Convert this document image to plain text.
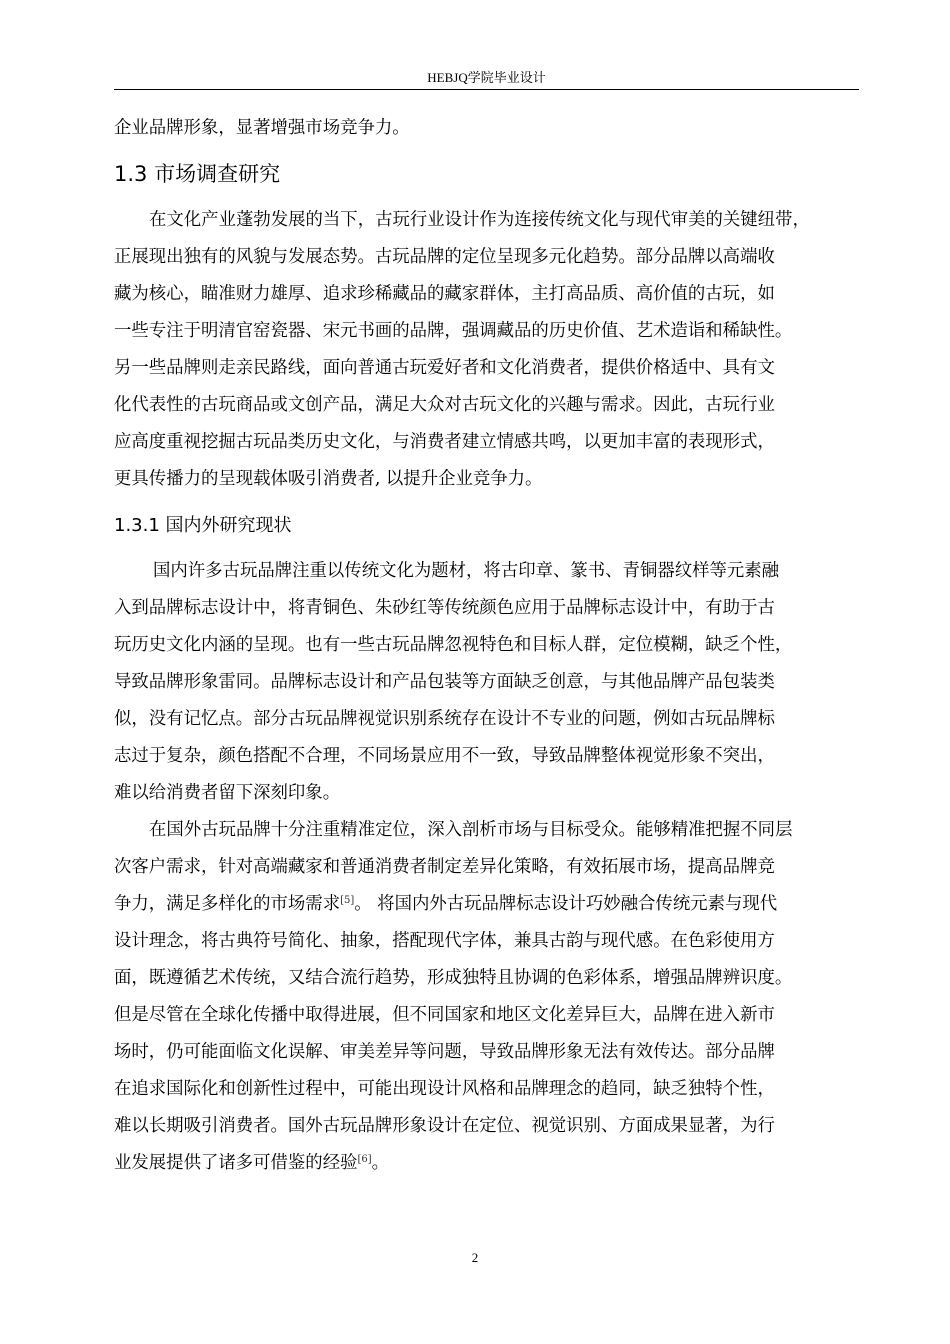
HEBJQ学院毕业设计

企业品牌形象，显著增强市场竞争力。

1.3 市场调查研究

在文化产业蓬勃发展的当下，古玩行业设计作为连接传统文化与现代审美的关键纽带，

正展现出独有的风貌与发展态势。古玩品牌的定位呈现多元化趋势。部分品牌以高端收

藏为核心，瞄准财力雄厚、追求珍稀藏品的藏家群体，主打高品质、高价值的古玩，如

一些专注于明清官窑瓷器、宋元书画的品牌，强调藏品的历史价值、艺术造诣和稀缺性。

另一些品牌则走亲民路线，面向普通古玩爱好者和文化消费者，提供价格适中、具有文

化代表性的古玩商品或文创产品，满足大众对古玩文化的兴趣与需求。因此，古玩行业

应高度重视挖掘古玩品类历史文化，与消费者建立情感共鸣，以更加丰富的表现形式，

更具传播力的呈现载体吸引消费者, 以提升企业竞争力。

1.3.1 国内外研究现状

国内许多古玩品牌注重以传统文化为题材，将古印章、篆书、青铜器纹样等元素融

入到品牌标志设计中，将青铜色、朱砂红等传统颜色应用于品牌标志设计中，有助于古

玩历史文化内涵的呈现。也有一些古玩品牌忽视特色和目标人群，定位模糊，缺乏个性，

导致品牌形象雷同。品牌标志设计和产品包装等方面缺乏创意，与其他品牌产品包装类

似，没有记忆点。部分古玩品牌视觉识别系统存在设计不专业的问题，例如古玩品牌标

志过于复杂，颜色搭配不合理，不同场景应用不一致，导致品牌整体视觉形象不突出，

难以给消费者留下深刻印象。

在国外古玩品牌十分注重精准定位，深入剖析市场与目标受众。能够精准把握不同层

次客户需求，针对高端藏家和普通消费者制定差异化策略，有效拓展市场，提高品牌竞

争力，满足多样化的市场需求[5]。 将国内外古玩品牌标志设计巧妙融合传统元素与现代

设计理念，将古典符号简化、抽象，搭配现代字体，兼具古韵与现代感。在色彩使用方

面，既遵循艺术传统，又结合流行趋势，形成独特且协调的色彩体系，增强品牌辨识度。

但是尽管在全球化传播中取得进展，但不同国家和地区文化差异巨大，品牌在进入新市

场时，仍可能面临文化误解、审美差异等问题，导致品牌形象无法有效传达。部分品牌

在追求国际化和创新性过程中，可能出现设计风格和品牌理念的趋同，缺乏独特个性，

难以长期吸引消费者。国外古玩品牌形象设计在定位、视觉识别、方面成果显著，为行

业发展提供了诸多可借鉴的经验[6]。

2
